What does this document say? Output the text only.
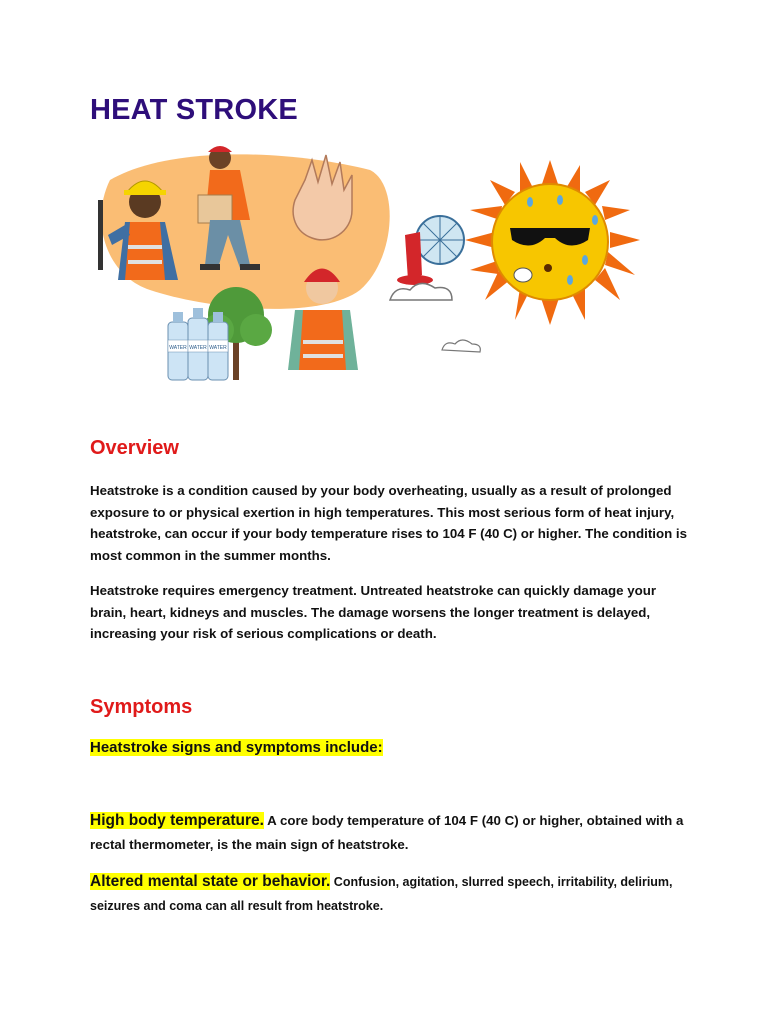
HEAT STROKE
WATER WATER WATER
Overview

Heatstroke is a condition caused by your body overheating, usually as a result of prolonged exposure to or physical exertion in high temperatures. This most serious form of heat injury, heatstroke, can occur if your body temperature rises to 104 F (40 C) or higher. The condition is most common in the summer months.

Heatstroke requires emergency treatment. Untreated heatstroke can quickly damage your brain, heart, kidneys and muscles. The damage worsens the longer treatment is delayed, increasing your risk of serious complications or death.

Symptoms

Heatstroke signs and symptoms include:

High body temperature. A core body temperature of 104 F (40 C) or higher, obtained with a rectal thermometer, is the main sign of heatstroke.

Altered mental state or behavior. Confusion, agitation, slurred speech, irritability, delirium, seizures and coma can all result from heatstroke.
